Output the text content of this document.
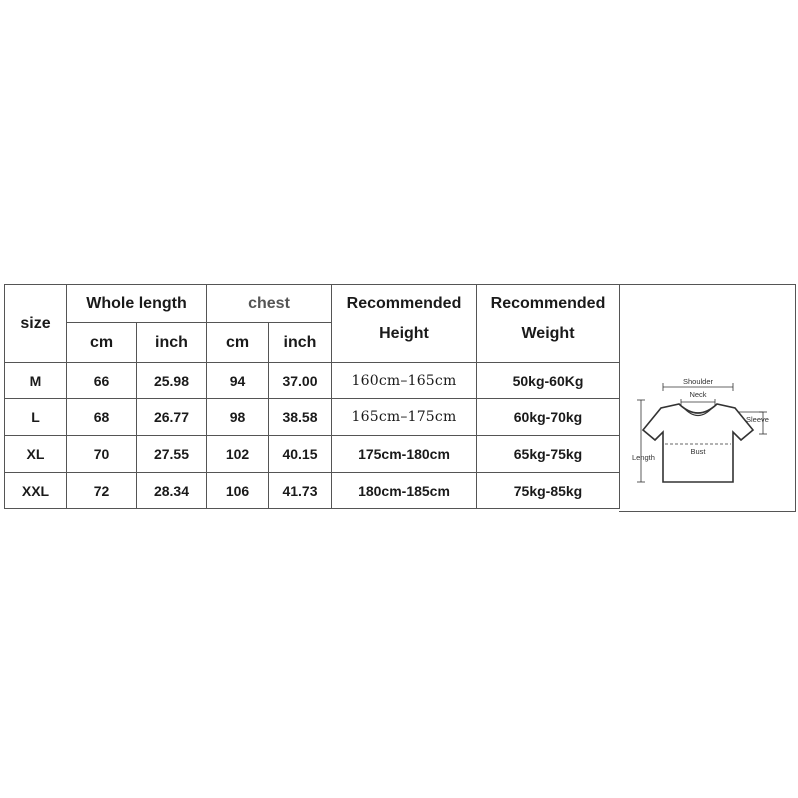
size	Whole length		chest		Recommended	Recommended
	cm	inch	cm	inch	Height	Weight
M	66	25.98	94	37.00	160cm–165cm	50kg-60Kg
L	68	26.77	98	38.58	165cm–175cm	60kg-70kg
XL	70	27.55	102	40.15	175cm-180cm	65kg-75kg
XXL	72	28.34	106	41.73	180cm-185cm	75kg-85kg
Shoulder
Neck
Sleeve
Bust
Length
